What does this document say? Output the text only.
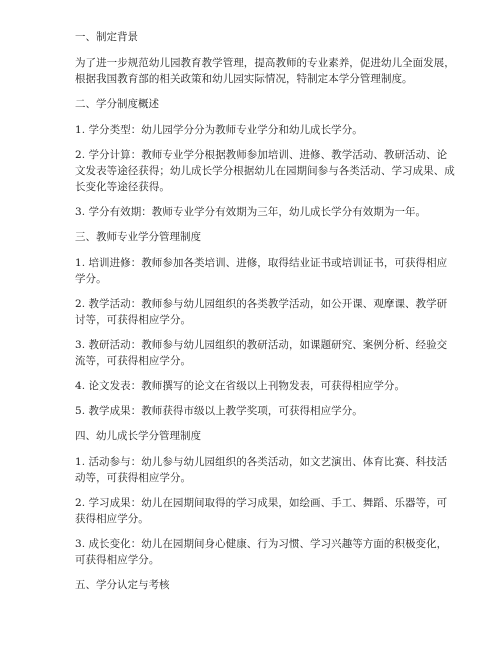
一、制定背景
为了进一步规范幼儿园教育教学管理，提高教师的专业素养，促进幼儿全面发展，
根据我国教育部的相关政策和幼儿园实际情况，特制定本学分管理制度。
二、学分制度概述
1. 学分类型：幼儿园学分分为教师专业学分和幼儿成长学分。
2. 学分计算：教师专业学分根据教师参加培训、进修、教学活动、教研活动、论
文发表等途径获得；幼儿成长学分根据幼儿在园期间参与各类活动、学习成果、成
长变化等途径获得。
3. 学分有效期：教师专业学分有效期为三年，幼儿成长学分有效期为一年。
三、教师专业学分管理制度
1. 培训进修：教师参加各类培训、进修，取得结业证书或培训证书，可获得相应
学分。
2. 教学活动：教师参与幼儿园组织的各类教学活动，如公开课、观摩课、教学研
讨等，可获得相应学分。
3. 教研活动：教师参与幼儿园组织的教研活动，如课题研究、案例分析、经验交
流等，可获得相应学分。
4. 论文发表：教师撰写的论文在省级以上刊物发表，可获得相应学分。
5. 教学成果：教师获得市级以上教学奖项，可获得相应学分。
四、幼儿成长学分管理制度
1. 活动参与：幼儿参与幼儿园组织的各类活动，如文艺演出、体育比赛、科技活
动等，可获得相应学分。
2. 学习成果：幼儿在园期间取得的学习成果，如绘画、手工、舞蹈、乐器等，可
获得相应学分。
3. 成长变化：幼儿在园期间身心健康、行为习惯、学习兴趣等方面的积极变化，
可获得相应学分。
五、学分认定与考核
